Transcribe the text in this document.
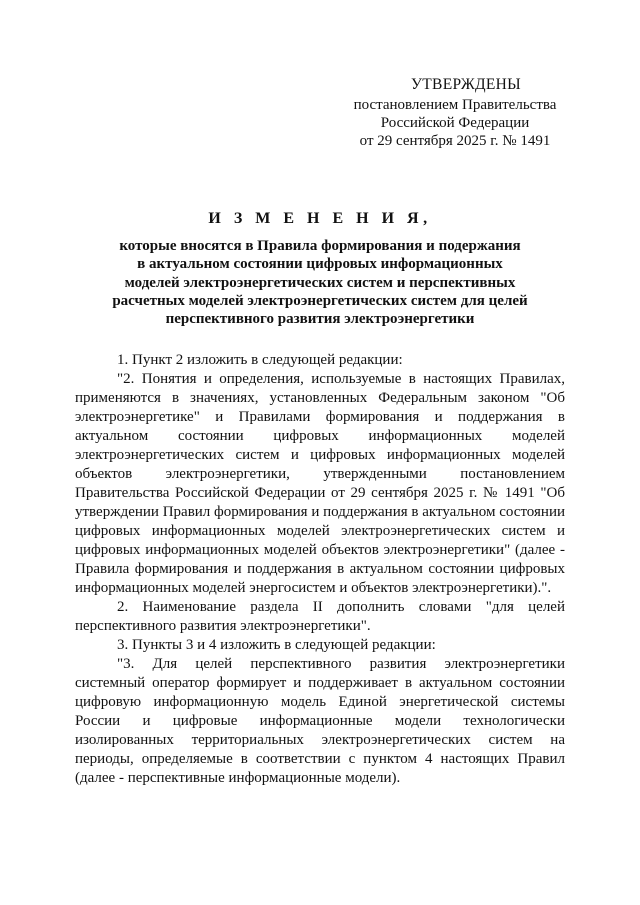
УТВЕРЖДЕНЫ
постановлением Правительства
Российской Федерации
от 29 сентября 2025 г. № 1491
И З М Е Н Е Н И Я,
которые вносятся в Правила формирования и подержания
в актуальном состоянии цифровых информационных
моделей электроэнергетических систем и перспективных
расчетных моделей электроэнергетических систем для целей
перспективного развития электроэнергетики

1. Пункт 2 изложить в следующей редакции:

"2. Понятия и определения, используемые в настоящих Правилах, применяются в значениях, установленных Федеральным законом "Об электроэнергетике" и Правилами формирования и поддержания в актуальном состоянии цифровых информационных моделей электроэнергетических систем и цифровых информационных моделей объектов электроэнергетики, утвержденными постановлением Правительства Российской Федерации от 29 сентября 2025 г. № 1491 "Об утверждении Правил формирования и поддержания в актуальном состоянии цифровых информационных моделей электроэнергетических систем и цифровых информационных моделей объектов электроэнергетики" (далее - Правила формирования и поддержания в актуальном состоянии цифровых информационных моделей энергосистем и объектов электроэнергетики).".

2. Наименование раздела II дополнить словами "для целей перспективного развития электроэнергетики".

3. Пункты 3 и 4 изложить в следующей редакции:

"3. Для целей перспективного развития электроэнергетики системный оператор формирует и поддерживает в актуальном состоянии цифровую информационную модель Единой энергетической системы России и цифровые информационные модели технологически изолированных территориальных электроэнергетических систем на периоды, определяемые в соответствии с пунктом 4 настоящих Правил (далее - перспективные информационные модели).
